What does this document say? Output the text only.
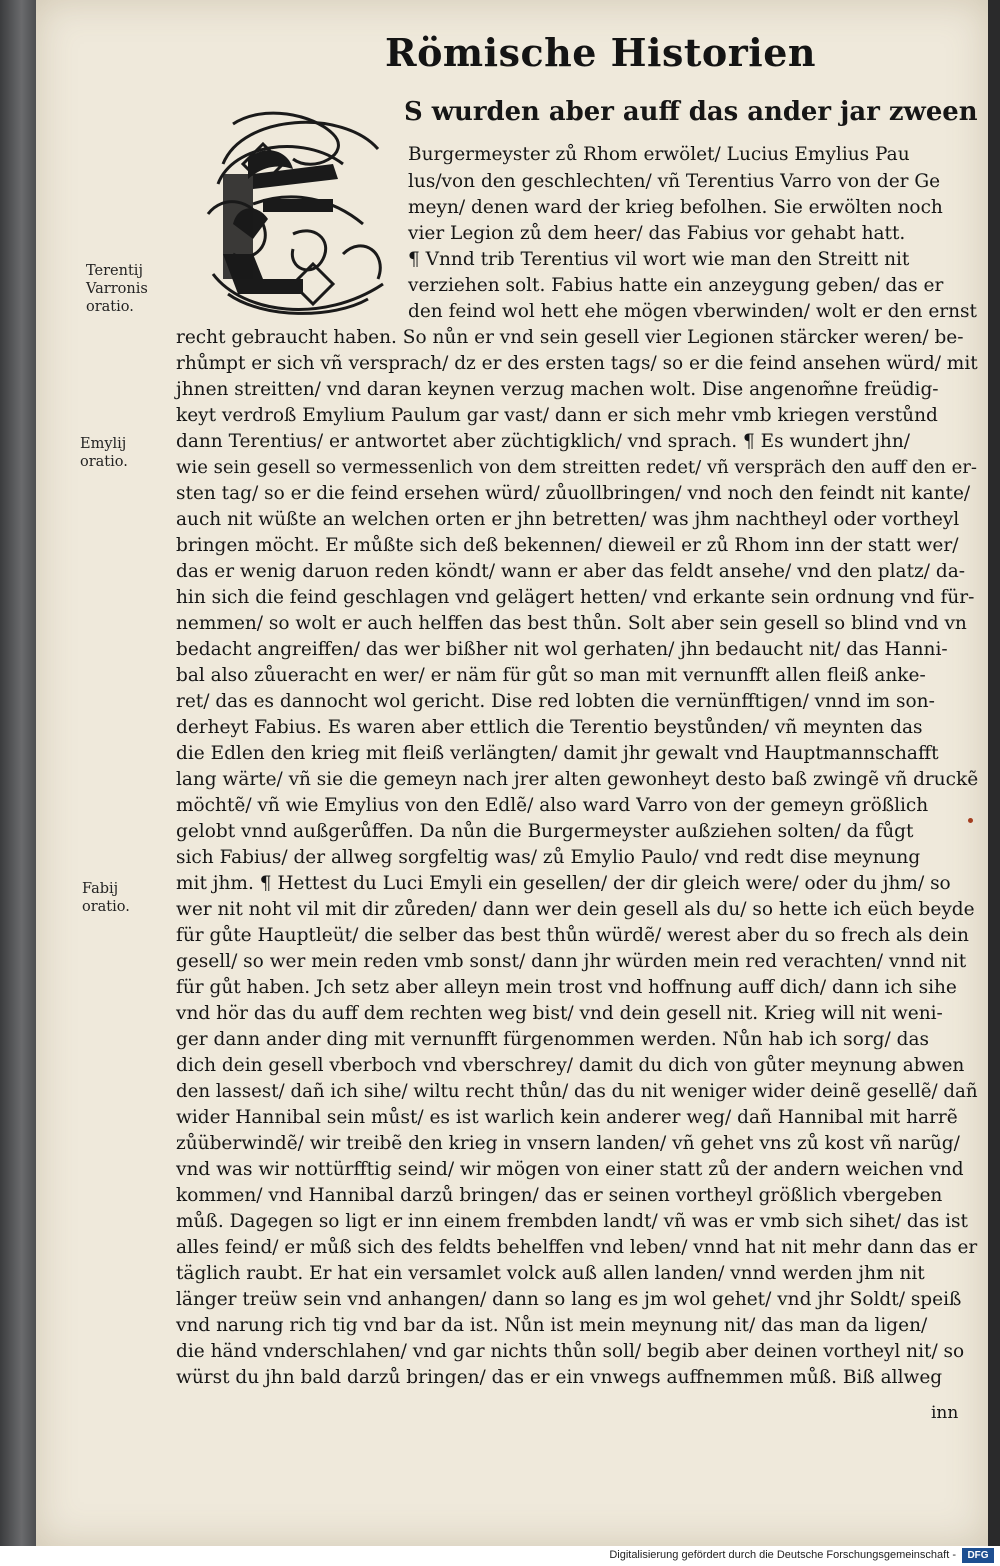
Römische Historien
Terentij Varronis oratio.
Emylij oratio.
Fabij oratio.
S wurden aber auff das ander jar zween
Burgermeyster zů Rhom erwölet/ Lucius Emylius Pau
lus/von den geschlechten/ vñ Terentius Varro von der Ge
meyn/ denen ward der krieg befolhen. Sie erwölten noch
vier Legion zů dem heer/ das Fabius vor gehabt hatt.
¶ Vnnd trib Terentius vil wort wie man den Streitt nit
verziehen solt. Fabius hatte ein anzeygung geben/ das er
den feind wol hett ehe mögen vberwinden/ wolt er den ernst
recht gebraucht haben. So nůn er vnd sein gesell vier Legionen stärcker weren/ be-
rhůmpt er sich vñ versprach/ dz er des ersten tags/ so er die feind ansehen würd/ mit
jhnen streitten/ vnd daran keynen verzug machen wolt. Dise angenom̃ne freüdig-
keyt verdroß Emylium Paulum gar vast/ dann er sich mehr vmb kriegen verstůnd
dann Terentius/ er antwortet aber züchtigklich/ vnd sprach. ¶ Es wundert jhn/
wie sein gesell so vermessenlich von dem streitten redet/ vñ verspräch den auff den er-
sten tag/ so er die feind ersehen würd/ zůuollbringen/ vnd noch den feindt nit kante/
auch nit wüßte an welchen orten er jhn betretten/ was jhm nachtheyl oder vortheyl
bringen möcht. Er můßte sich deß bekennen/ dieweil er zů Rhom inn der statt wer/
das er wenig daruon reden köndt/ wann er aber das feldt ansehe/ vnd den platz/ da-
hin sich die feind geschlagen vnd gelägert hetten/ vnd erkante sein ordnung vnd für-
nemmen/ so wolt er auch helffen das best thůn. Solt aber sein gesell so blind vnd vn
bedacht angreiffen/ das wer bißher nit wol gerhaten/ jhn bedaucht nit/ das Hanni-
bal also zůueracht en wer/ er näm für gůt so man mit vernunfft allen fleiß anke-
ret/ das es dannocht wol gericht. Dise red lobten die vernünfftigen/ vnnd im son-
derheyt Fabius. Es waren aber ettlich die Terentio beystůnden/ vñ meynten das
die Edlen den krieg mit fleiß verlängten/ damit jhr gewalt vnd Hauptmannschafft
lang wärte/ vñ sie die gemeyn nach jrer alten gewonheyt desto baß zwingẽ vñ druckẽ
möchtẽ/ vñ wie Emylius von den Edlẽ/ also ward Varro von der gemeyn größlich
gelobt vnnd außgerůffen. Da nůn die Burgermeyster außziehen solten/ da fůgt
sich Fabius/ der allweg sorgfeltig was/ zů Emylio Paulo/ vnd redt dise meynung
mit jhm. ¶ Hettest du Luci Emyli ein gesellen/ der dir gleich were/ oder du jhm/ so
wer nit noht vil mit dir zůreden/ dann wer dein gesell als du/ so hette ich eüch beyde
für gůte Hauptleüt/ die selber das best thůn würdẽ/ werest aber du so frech als dein
gesell/ so wer mein reden vmb sonst/ dann jhr würden mein red verachten/ vnnd nit
für gůt haben. Jch setz aber alleyn mein trost vnd hoffnung auff dich/ dann ich sihe
vnd hör das du auff dem rechten weg bist/ vnd dein gesell nit. Krieg will nit weni-
ger dann ander ding mit vernunfft fürgenommen werden. Nůn hab ich sorg/ das
dich dein gesell vberboch vnd vberschrey/ damit du dich von gůter meynung abwen
den lassest/ dañ ich sihe/ wiltu recht thůn/ das du nit weniger wider deinẽ gesellẽ/ dañ
wider Hannibal sein můst/ es ist warlich kein anderer weg/ dañ Hannibal mit harrẽ
zůüberwindẽ/ wir treibẽ den krieg in vnsern landen/ vñ gehet vns zů kost vñ narũg/
vnd was wir nottürfftig seind/ wir mögen von einer statt zů der andern weichen vnd
kommen/ vnd Hannibal darzů bringen/ das er seinen vortheyl größlich vbergeben
můß. Dagegen so ligt er inn einem frembden landt/ vñ was er vmb sich sihet/ das ist
alles feind/ er můß sich des feldts behelffen vnd leben/ vnnd hat nit mehr dann das er
täglich raubt. Er hat ein versamlet volck auß allen landen/ vnnd werden jhm nit
länger treüw sein vnd anhangen/ dann so lang es jm wol gehet/ vnd jhr Soldt/ speiß
vnd narung rich tig vnd bar da ist. Nůn ist mein meynung nit/ das man da ligen/
die händ vnderschlahen/ vnd gar nichts thůn soll/ begib aber deinen vortheyl nit/ so
würst du jhn bald darzů bringen/ das er ein vnwegs auffnemmen můß. Biß allweg
inn
Digitalisierung gefördert durch die Deutsche Forschungsgemeinschaft -	DFG
